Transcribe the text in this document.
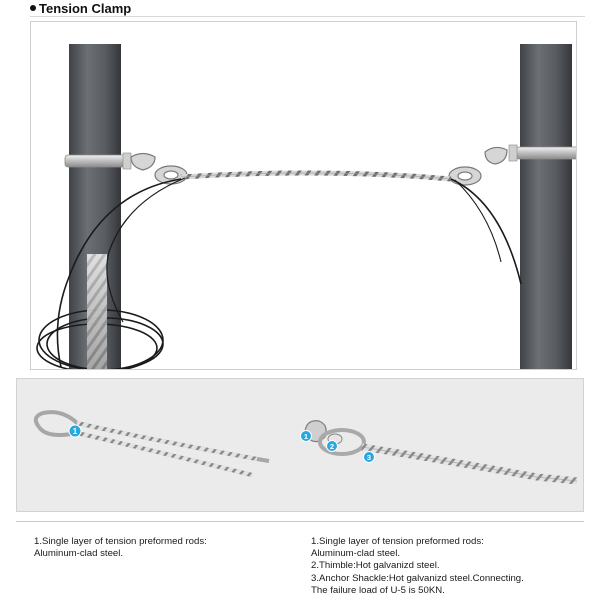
Tension Clamp
1
1
2
3
1.Single layer of tension preformed rods:
Aluminum-clad steel.
1.Single layer of tension preformed rods:
Aluminum-clad steel.
2.Thimble:Hot galvanizd steel.
3.Anchor Shackle:Hot galvanizd steel.Connecting.
The failure load of U-5 is 50KN.
